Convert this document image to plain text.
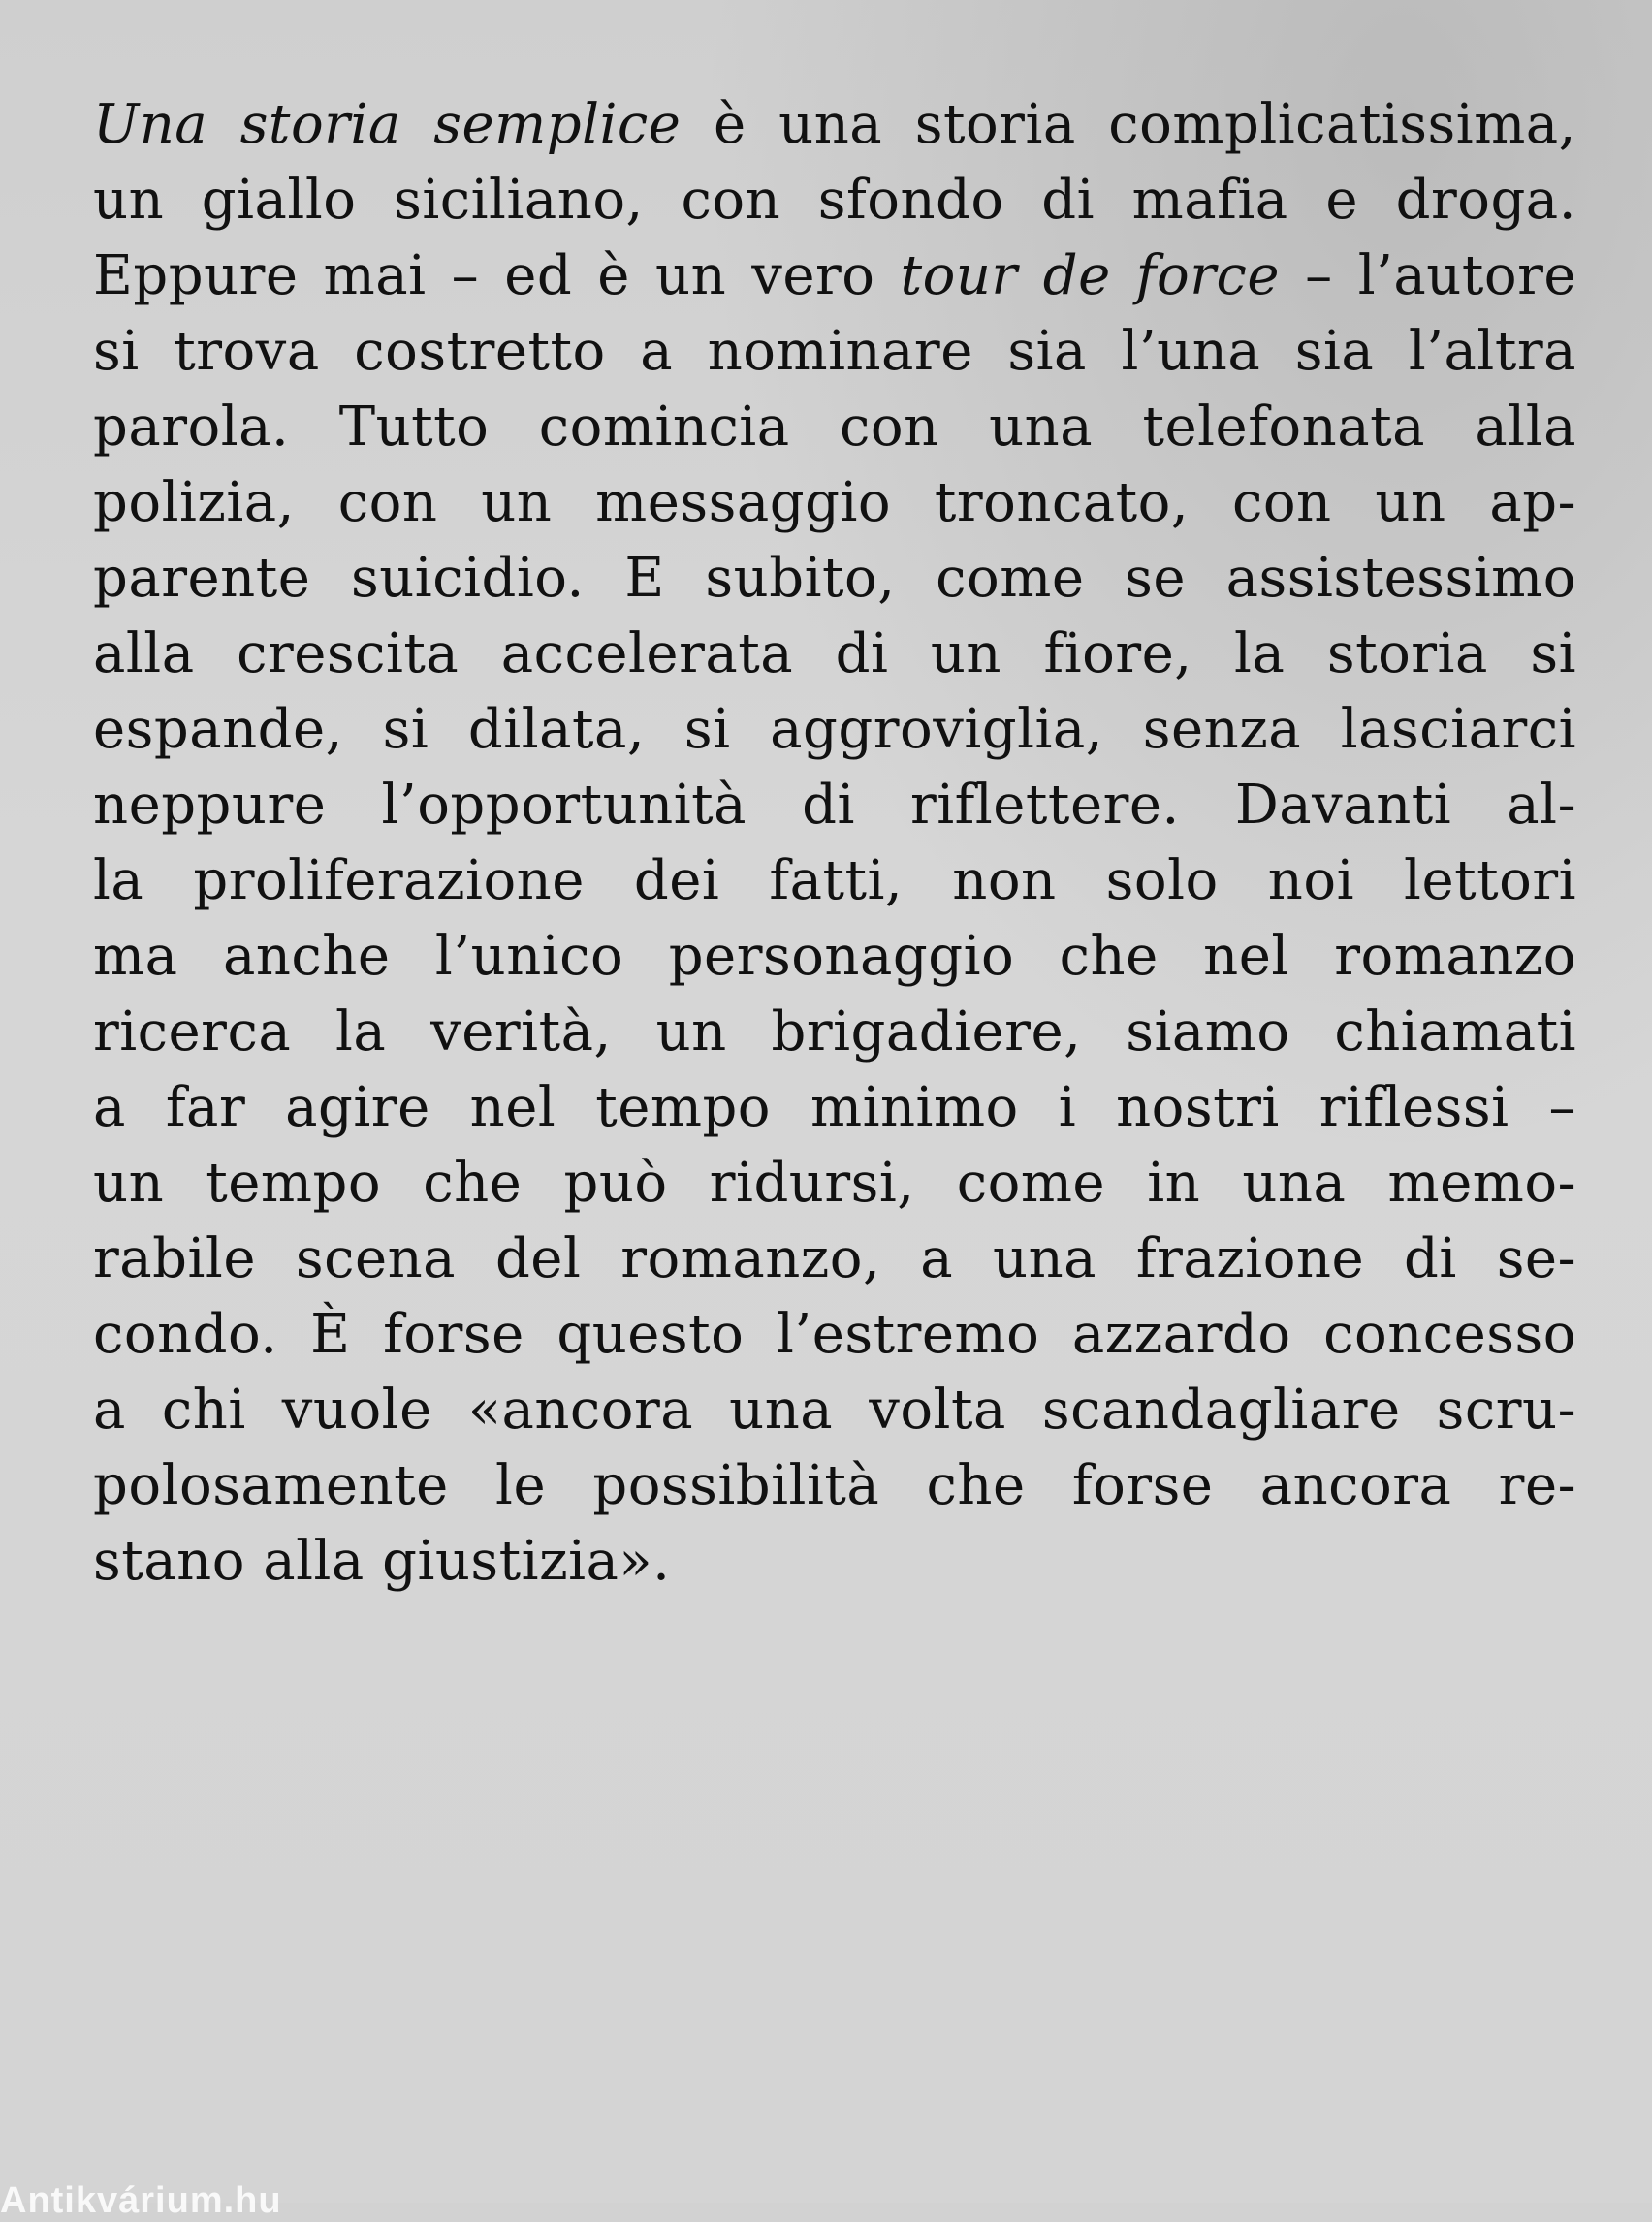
Una storia semplice è una storia complicatissima,
un giallo siciliano, con sfondo di mafia e droga.
Eppure mai – ed è un vero tour de force – l’autore
si trova costretto a nominare sia l’una sia l’altra
parola. Tutto comincia con una telefonata alla
polizia, con un messaggio troncato, con un ap-
parente suicidio. E subito, come se assistessimo
alla crescita accelerata di un fiore, la storia si
espande, si dilata, si aggroviglia, senza lasciarci
neppure l’opportunità di riflettere. Davanti al-
la proliferazione dei fatti, non solo noi lettori
ma anche l’unico personaggio che nel romanzo
ricerca la verità, un brigadiere, siamo chiamati
a far agire nel tempo minimo i nostri riflessi –
un tempo che può ridursi, come in una memo-
rabile scena del romanzo, a una frazione di se-
condo. È forse questo l’estremo azzardo concesso
a chi vuole «ancora una volta scandagliare scru-
polosamente le possibilità che forse ancora re-
stano alla giustizia».
Antikvárium.hu
